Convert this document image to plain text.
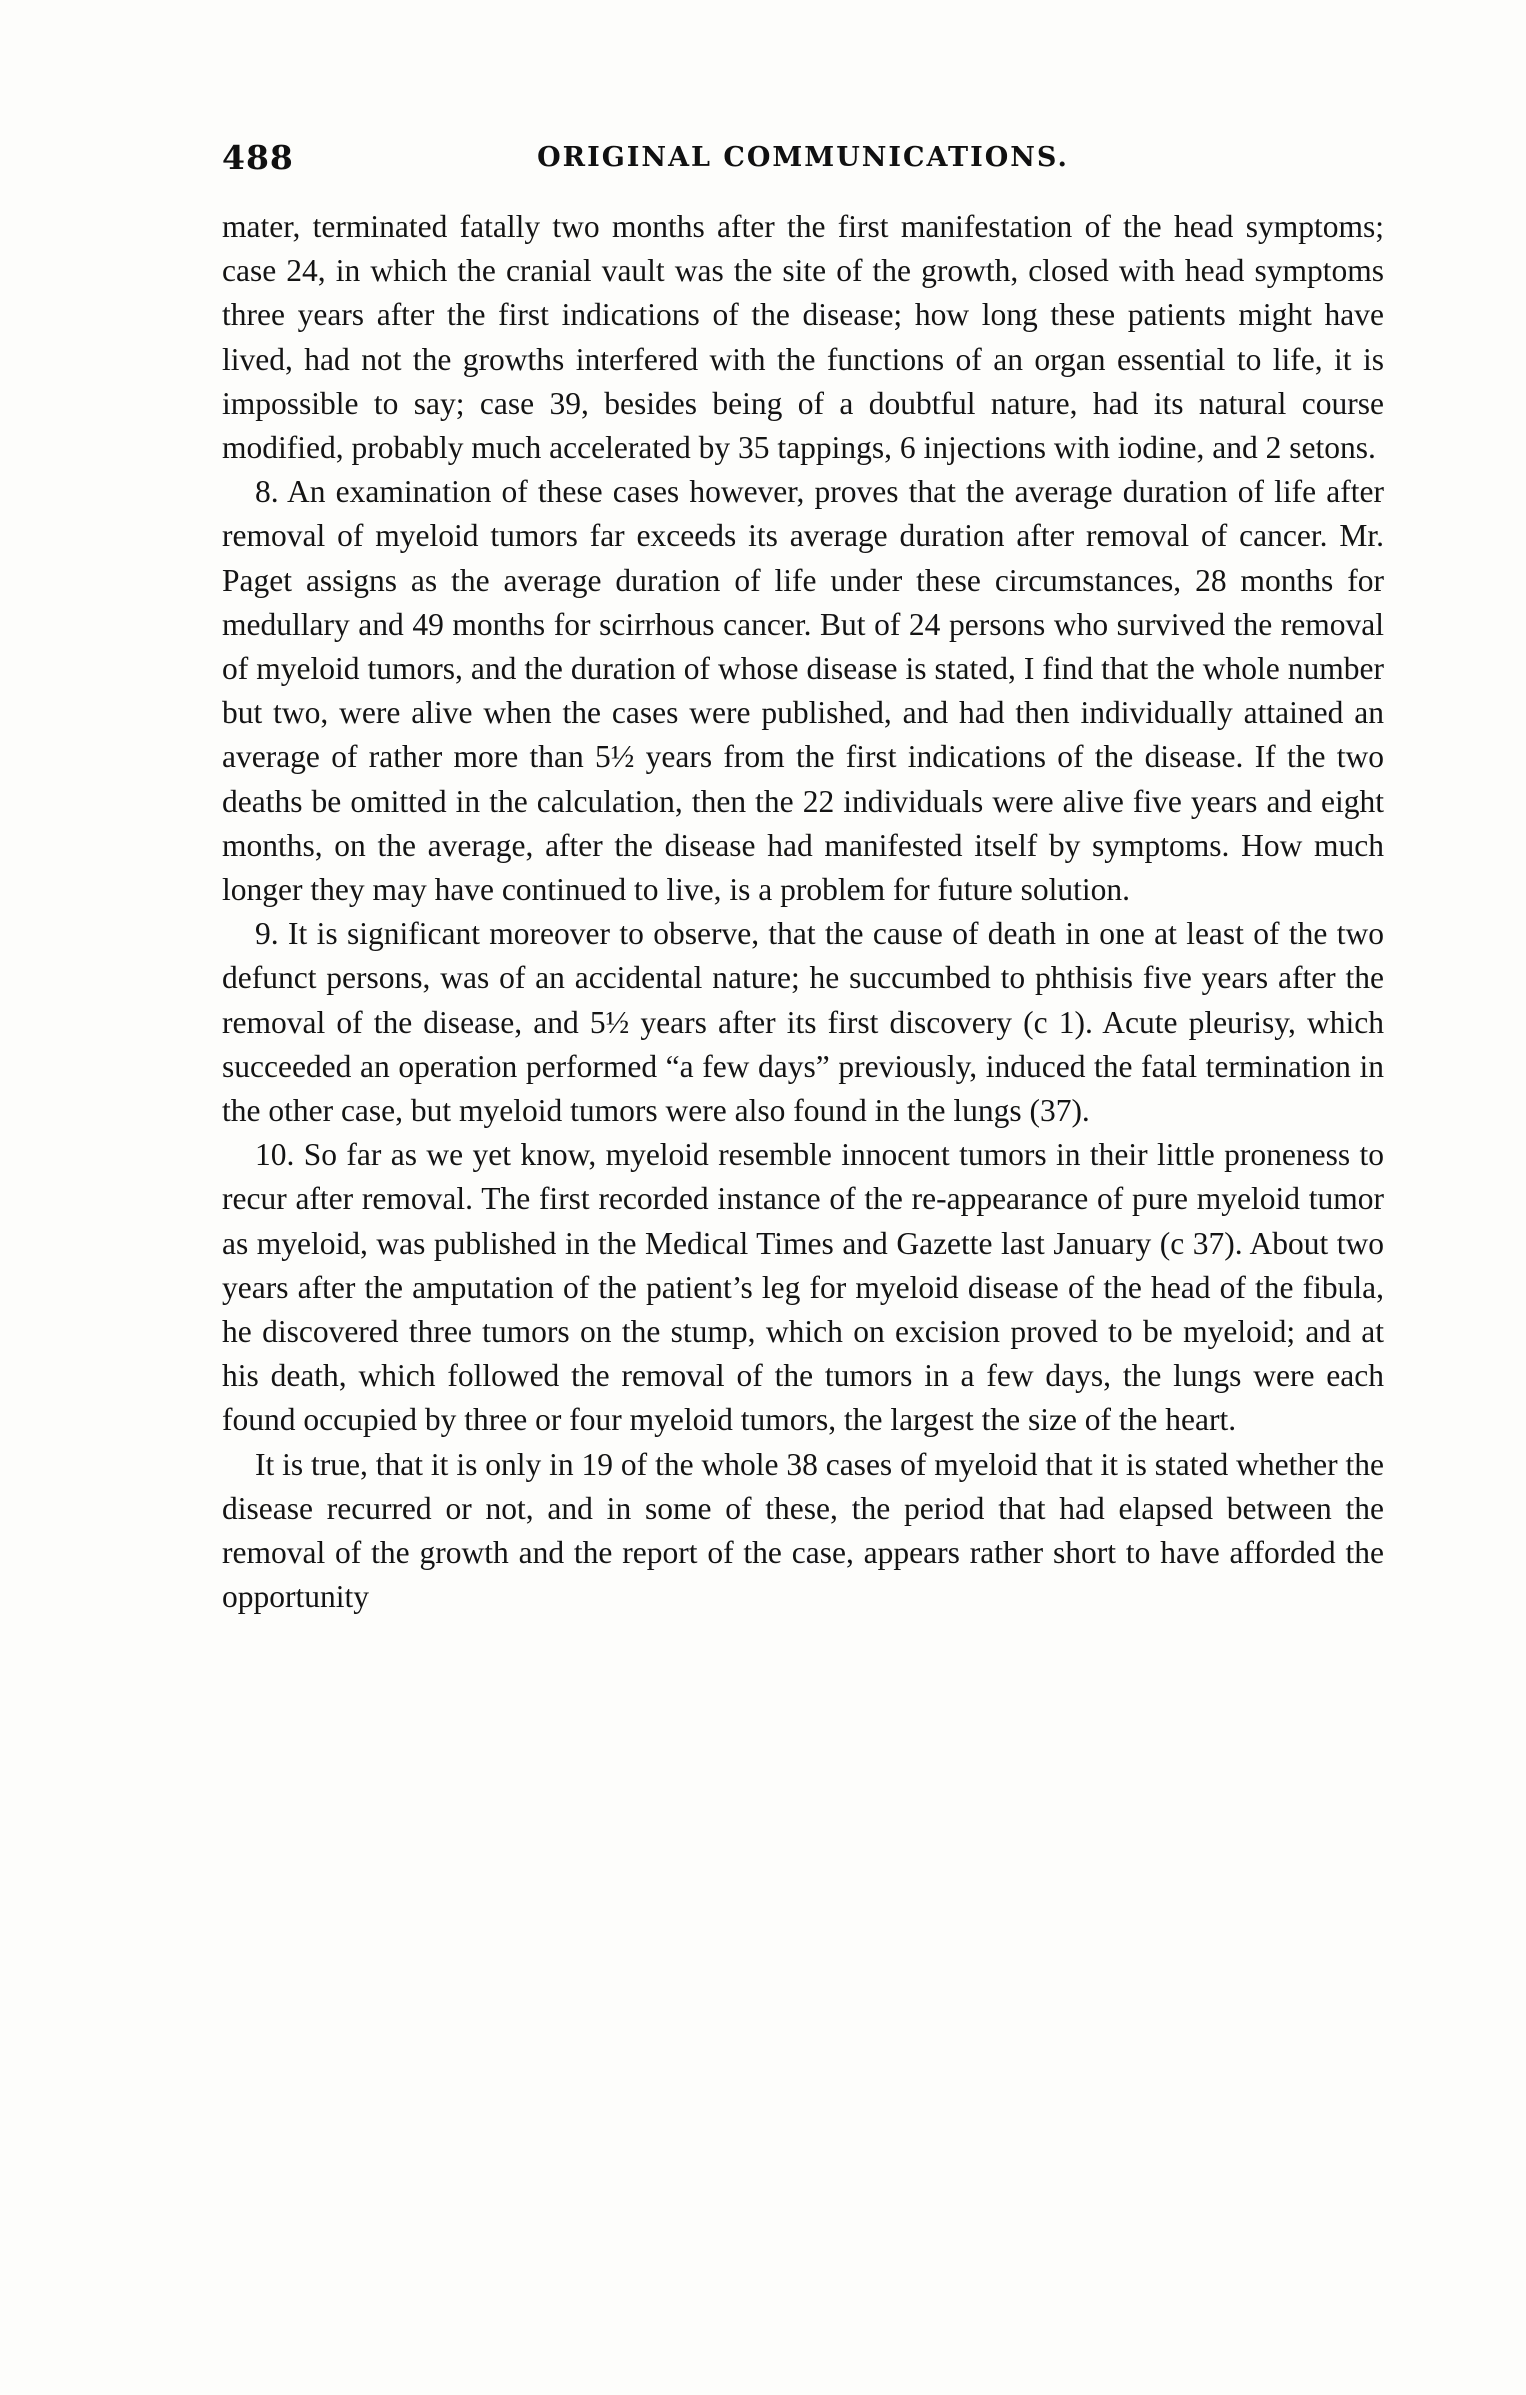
488	ORIGINAL COMMUNICATIONS.

mater, terminated fatally two months after the first manifestation of the head symptoms; case 24, in which the cranial vault was the site of the growth, closed with head symptoms three years after the first indications of the disease; how long these patients might have lived, had not the growths interfered with the functions of an organ essential to life, it is impossible to say; case 39, besides being of a doubtful nature, had its natural course modified, probably much accelerated by 35 tappings, 6 injections with iodine, and 2 setons.

8. An examination of these cases however, proves that the average duration of life after removal of myeloid tumors far exceeds its average duration after removal of cancer. Mr. Paget assigns as the average duration of life under these circumstances, 28 months for medullary and 49 months for scirrhous cancer. But of 24 persons who survived the removal of myeloid tumors, and the duration of whose disease is stated, I find that the whole number but two, were alive when the cases were published, and had then individually attained an average of rather more than 5½ years from the first indications of the disease. If the two deaths be omitted in the calculation, then the 22 individuals were alive five years and eight months, on the average, after the disease had manifested itself by symptoms. How much longer they may have continued to live, is a problem for future solution.

9. It is significant moreover to observe, that the cause of death in one at least of the two defunct persons, was of an accidental nature; he succumbed to phthisis five years after the removal of the disease, and 5½ years after its first discovery (c 1). Acute pleurisy, which succeeded an operation performed “a few days” previously, induced the fatal termination in the other case, but myeloid tumors were also found in the lungs (37).

10. So far as we yet know, myeloid resemble innocent tumors in their little proneness to recur after removal. The first recorded instance of the re-appearance of pure myeloid tumor as myeloid, was published in the Medical Times and Gazette last January (c 37). About two years after the amputation of the patient’s leg for myeloid disease of the head of the fibula, he discovered three tumors on the stump, which on excision proved to be myeloid; and at his death, which followed the removal of the tumors in a few days, the lungs were each found occupied by three or four myeloid tumors, the largest the size of the heart.

It is true, that it is only in 19 of the whole 38 cases of myeloid that it is stated whether the disease recurred or not, and in some of these, the period that had elapsed between the removal of the growth and the report of the case, appears rather short to have afforded the opportunity
